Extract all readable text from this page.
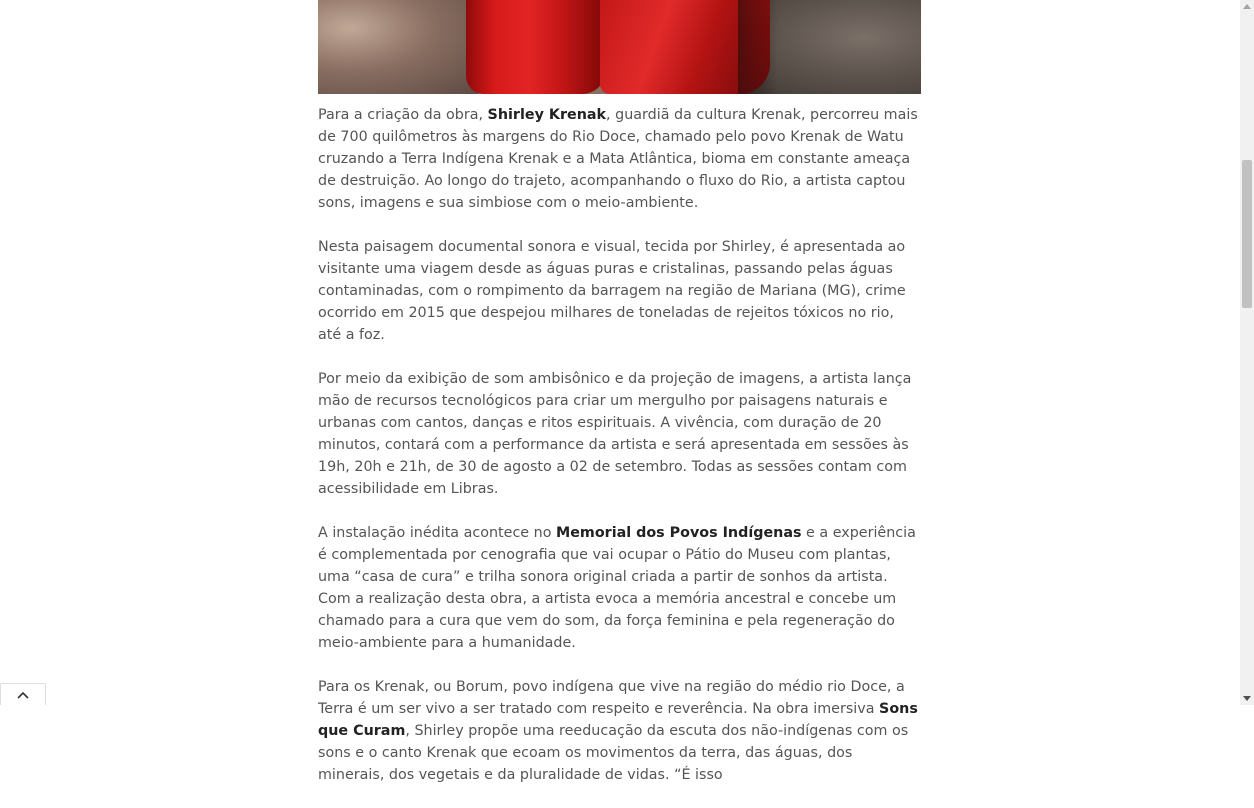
Para a criação da obra, Shirley Krenak, guardiã da cultura Krenak, percorreu mais de 700 quilômetros às margens do Rio Doce, chamado pelo povo Krenak de Watu cruzando a Terra Indígena Krenak e a Mata Atlântica, bioma em constante ameaça de destruição. Ao longo do trajeto, acompanhando o fluxo do Rio, a artista captou sons, imagens e sua simbiose com o meio-ambiente.

Nesta paisagem documental sonora e visual, tecida por Shirley, é apresentada ao visitante uma viagem desde as águas puras e cristalinas, passando pelas águas contaminadas, com o rompimento da barragem na região de Mariana (MG), crime ocorrido em 2015 que despejou milhares de toneladas de rejeitos tóxicos no rio, até a foz.

Por meio da exibição de som ambisônico e da projeção de imagens, a artista lança mão de recursos tecnológicos para criar um mergulho por paisagens naturais e urbanas com cantos, danças e ritos espirituais. A vivência, com duração de 20 minutos, contará com a performance da artista e será apresentada em sessões às 19h, 20h e 21h, de 30 de agosto a 02 de setembro. Todas as sessões contam com acessibilidade em Libras.

A instalação inédita acontece no Memorial dos Povos Indígenas e a experiência é complementada por cenografia que vai ocupar o Pátio do Museu com plantas, uma “casa de cura” e trilha sonora original criada a partir de sonhos da artista. Com a realização desta obra, a artista evoca a memória ancestral e concebe um chamado para a cura que vem do som, da força feminina e pela regeneração do meio-ambiente para a humanidade.

Para os Krenak, ou Borum, povo indígena que vive na região do médio rio Doce, a Terra é um ser vivo a ser tratado com respeito e reverência. Na obra imersiva Sons que Curam, Shirley propõe uma reeducação da escuta dos não-indígenas com os sons e o canto Krenak que ecoam os movimentos da terra, das águas, dos minerais, dos vegetais e da pluralidade de vidas. “É isso
